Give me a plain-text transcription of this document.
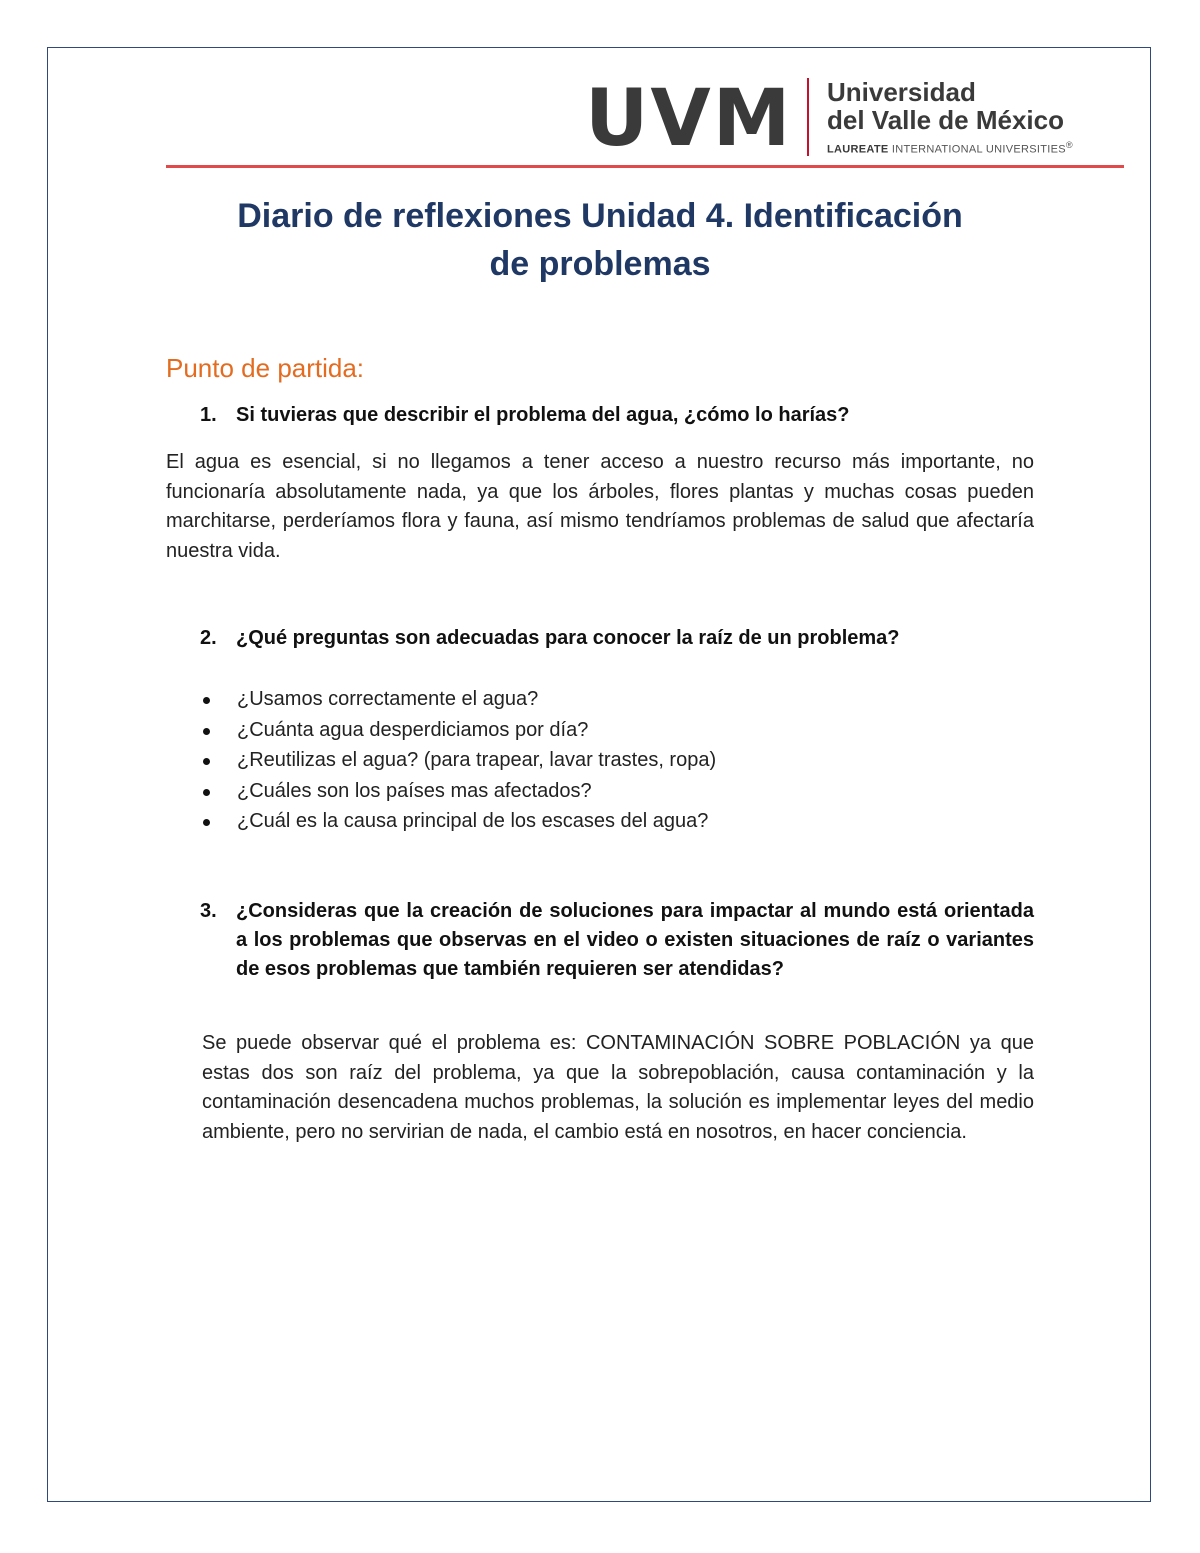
UVM Universidad
del Valle de México
LAUREATE INTERNATIONAL UNIVERSITIES®
Diario de reflexiones Unidad 4. Identificación
de problemas
Punto de partida:
1. Si tuvieras que describir el problema del agua, ¿cómo lo harías?
El agua es esencial, si no llegamos a tener acceso a nuestro recurso más importante, no funcionaría absolutamente nada, ya que los árboles, flores plantas y muchas cosas pueden marchitarse, perderíamos flora y fauna, así mismo tendríamos problemas de salud que afectaría nuestra vida.
2. ¿Qué preguntas son adecuadas para conocer la raíz de un problema?
¿Usamos correctamente el agua?
¿Cuánta agua desperdiciamos por día?
¿Reutilizas el agua? (para trapear, lavar trastes, ropa)
¿Cuáles son los países mas afectados?
¿Cuál es la causa principal de los escases del agua?
3. ¿Consideras que la creación de soluciones para impactar al mundo está orientada a los problemas que observas en el video o existen situaciones de raíz o variantes de esos problemas que también requieren ser atendidas?
Se puede observar qué el problema es: CONTAMINACIÓN SOBRE POBLACIÓN ya que estas dos son raíz del problema, ya que la sobrepoblación, causa contaminación y la contaminación desencadena muchos problemas, la solución es implementar leyes del medio ambiente, pero no servirian de nada, el cambio está en nosotros, en hacer conciencia.
